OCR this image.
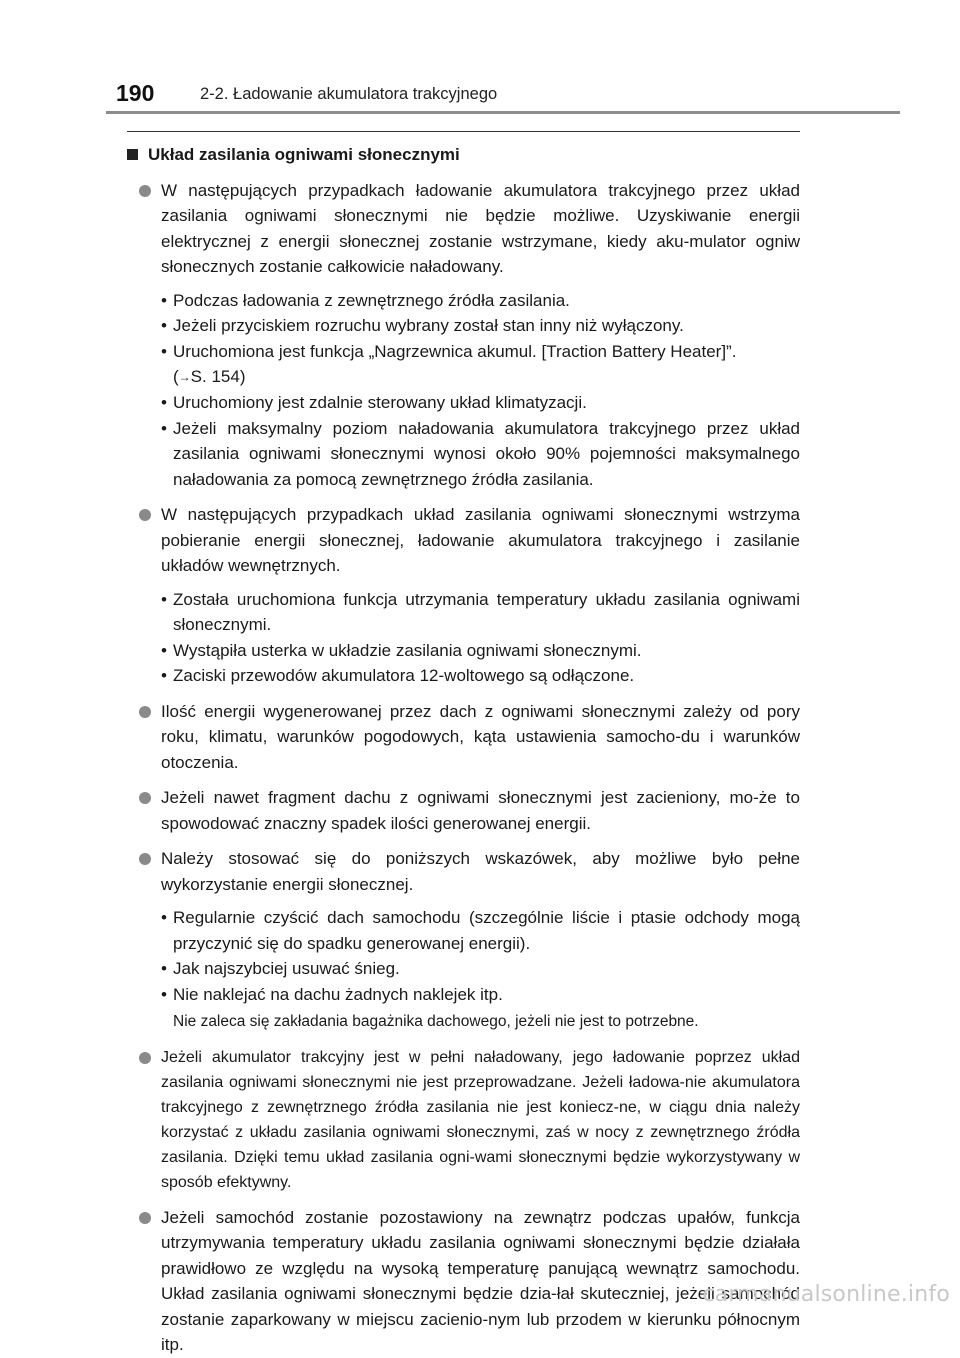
190	2-2. Ładowanie akumulatora trakcyjnego
Układ zasilania ogniwami słonecznymi
W następujących przypadkach ładowanie akumulatora trakcyjnego przez układ zasilania ogniwami słonecznymi nie będzie możliwe. Uzyskiwanie energii elektrycznej z energii słonecznej zostanie wstrzymane, kiedy aku-mulator ogniw słonecznych zostanie całkowicie naładowany.
• Podczas ładowania z zewnętrznego źródła zasilania.
• Jeżeli przyciskiem rozruchu wybrany został stan inny niż wyłączony.
• Uruchomiona jest funkcja „Nagrzewnica akumul. [Traction Battery Heater]”.
(→S. 154)
• Uruchomiony jest zdalnie sterowany układ klimatyzacji.
• Jeżeli maksymalny poziom naładowania akumulatora trakcyjnego przez układ zasilania ogniwami słonecznymi wynosi około 90% pojemności maksymalnego naładowania za pomocą zewnętrznego źródła zasilania.
W następujących przypadkach układ zasilania ogniwami słonecznymi wstrzyma pobieranie energii słonecznej, ładowanie akumulatora trakcyjnego i zasilanie układów wewnętrznych.
• Została uruchomiona funkcja utrzymania temperatury układu zasilania ogniwami słonecznymi.
• Wystąpiła usterka w układzie zasilania ogniwami słonecznymi.
• Zaciski przewodów akumulatora 12-woltowego są odłączone.
Ilość energii wygenerowanej przez dach z ogniwami słonecznymi zależy od pory roku, klimatu, warunków pogodowych, kąta ustawienia samocho-du i warunków otoczenia.
Jeżeli nawet fragment dachu z ogniwami słonecznymi jest zacieniony, mo-że to spowodować znaczny spadek ilości generowanej energii.
Należy stosować się do poniższych wskazówek, aby możliwe było pełne wykorzystanie energii słonecznej.
• Regularnie czyścić dach samochodu (szczególnie liście i ptasie odchody mogą przyczynić się do spadku generowanej energii).
• Jak najszybciej usuwać śnieg.
• Nie naklejać na dachu żadnych naklejek itp.
Nie zaleca się zakładania bagażnika dachowego, jeżeli nie jest to potrzebne.
Jeżeli akumulator trakcyjny jest w pełni naładowany, jego ładowanie poprzez układ zasilania ogniwami słonecznymi nie jest przeprowadzane. Jeżeli ładowa-nie akumulatora trakcyjnego z zewnętrznego źródła zasilania nie jest koniecz-ne, w ciągu dnia należy korzystać z układu zasilania ogniwami słonecznymi, zaś w nocy z zewnętrznego źródła zasilania. Dzięki temu układ zasilania ogni-wami słonecznymi będzie wykorzystywany w sposób efektywny.
Jeżeli samochód zostanie pozostawiony na zewnątrz podczas upałów, funkcja utrzymywania temperatury układu zasilania ogniwami słonecznymi będzie działała prawidłowo ze względu na wysoką temperaturę panującą wewnątrz samochodu. Układ zasilania ogniwami słonecznymi będzie dzia-łał skuteczniej, jeżeli samochód zostanie zaparkowany w miejscu zacienio-nym lub przodem w kierunku północnym itp.
carmanualsonline.info
